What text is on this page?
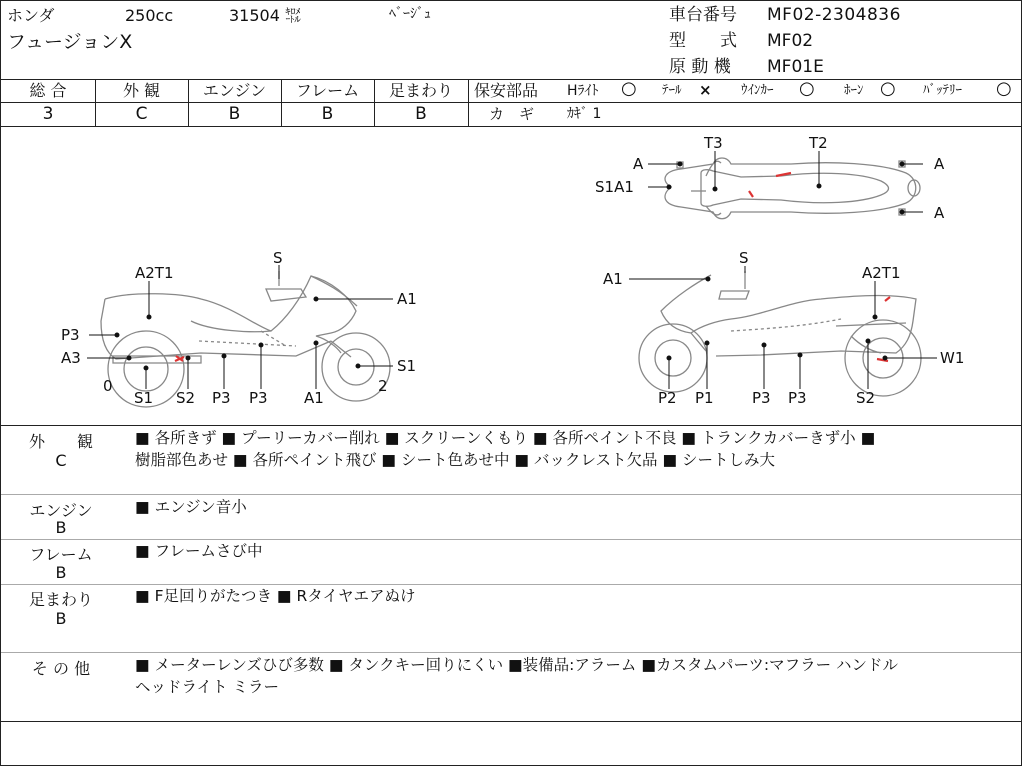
ホンダ	250cc	31504 ㌖	ﾍﾞｰｼﾞｭ
フュージョンX
車台番号 MF02-2304836
型　　式 MF02
原 動 機 MF01E
総 合	外 観	エンジン	フレーム	足まわり
3	C	B	B	B
保安部品 Hﾗｲﾄ ○ ﾃｰﾙ × ｳｲﾝｶｰ ○ ﾎｰﾝ ○ ﾊﾞｯﾃﾘｰ ○
カ　ギ ｶｷﾞ 1
A	A
A
S1A1
T3	T2
A2T1
S
A1
P3
A3
0
S1 S2 P3 P3 A1
S1
2
A1
S
A2T1
W1
P2 P1	P3 P3	S2
外　　観
C
■ 各所きず ■ プーリーカバー削れ ■ スクリーンくもり ■ 各所ペイント不良 ■ トランクカバーきず小 ■
樹脂部色あせ ■ 各所ペイント飛び ■ シート色あせ中 ■ バックレスト欠品 ■ シートしみ大
エンジン
B
■ エンジン音小
フレーム
B
■ フレームさび中
足まわり
B
■ F足回りがたつき ■ Rタイヤエアぬけ
そ の 他	■ メーターレンズひび多数 ■ タンクキー回りにくい ■装備品:アラーム ■カスタムパーツ:マフラー ハンドル
ヘッドライト ミラー
